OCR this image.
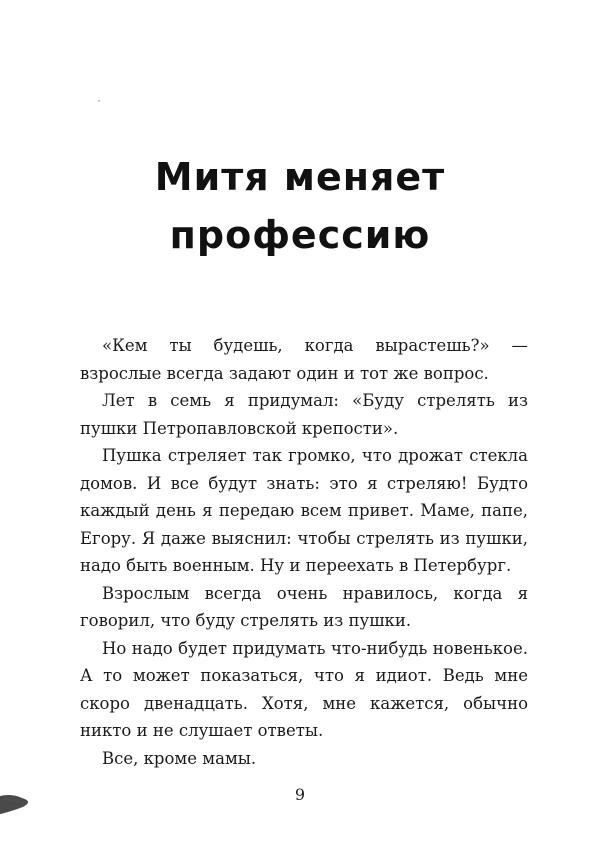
Митя меняет
профессию

«Кем ты будешь, когда вырастешь?» — взрослые всегда задают один и тот же вопрос.

Лет в семь я придумал: «Буду стрелять из пушки Петропавловской крепости».

Пушка стреляет так громко, что дрожат стекла домов. И все будут знать: это я стреляю! Будто каждый день я передаю всем привет. Маме, папе, Егору. Я даже выяснил: чтобы стрелять из пушки, надо быть военным. Ну и переехать в Петербург.

Взрослым всегда очень нравилось, когда я говорил, что буду стрелять из пушки.

Но надо будет придумать что-нибудь новенькое. А то может показаться, что я идиот. Ведь мне скоро двенадцать. Хотя, мне кажется, обычно никто и не слушает ответы.

Все, кроме мамы.

9
